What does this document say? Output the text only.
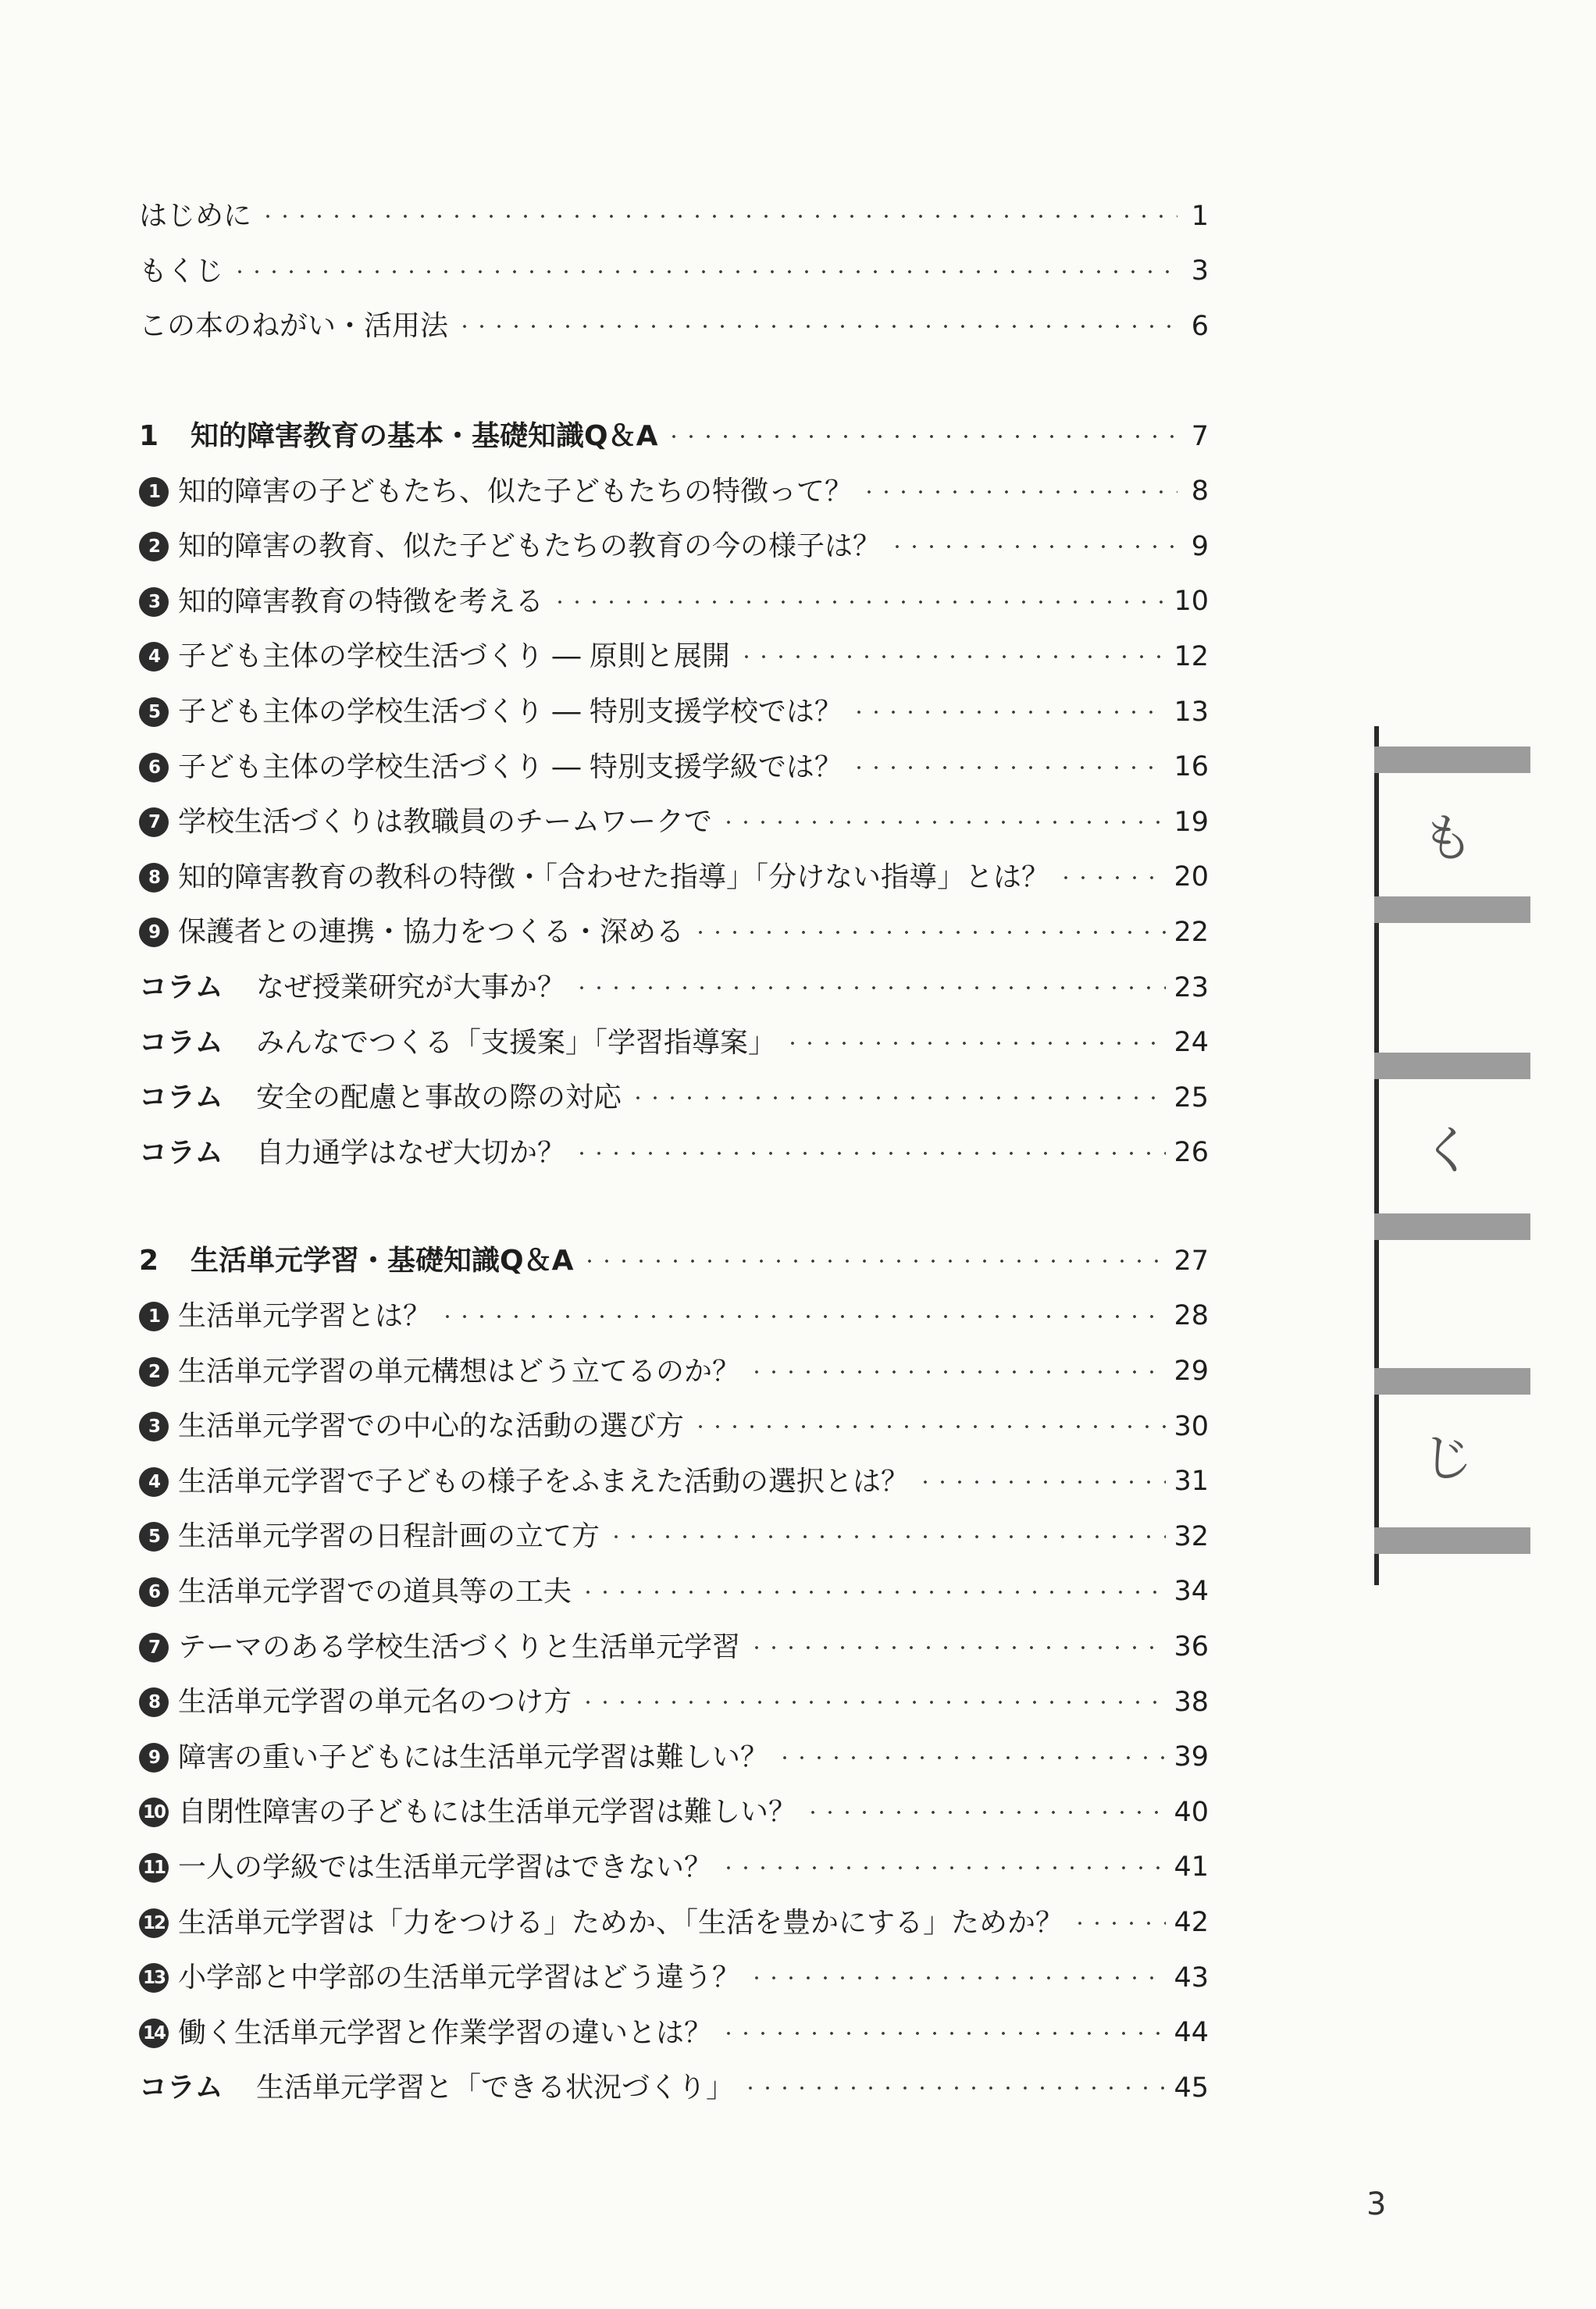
はじめに	1
もくじ	3
この本のねがい・活用法	6
1	知的障害教育の基本・基礎知識Q＆A	7
1 知的障害の子どもたち、似た子どもたちの特徴って？	8
2 知的障害の教育、似た子どもたちの教育の今の様子は？	9
3 知的障害教育の特徴を考える	10
4 子ども主体の学校生活づくり ― 原則と展開	12
5 子ども主体の学校生活づくり ― 特別支援学校では？	13
6 子ども主体の学校生活づくり ― 特別支援学級では？	16
7 学校生活づくりは教職員のチームワークで	19
8 知的障害教育の教科の特徴・「合わせた指導」「分けない指導」とは？	20
9 保護者との連携・協力をつくる・深める	22
コラム	なぜ授業研究が大事か？	23
コラム	みんなでつくる「支援案」「学習指導案」	24
コラム	安全の配慮と事故の際の対応	25
コラム	自力通学はなぜ大切か？	26
2	生活単元学習・基礎知識Q＆A	27
1 生活単元学習とは？	28
2 生活単元学習の単元構想はどう立てるのか？	29
3 生活単元学習での中心的な活動の選び方	30
4 生活単元学習で子どもの様子をふまえた活動の選択とは？	31
5 生活単元学習の日程計画の立て方	32
6 生活単元学習での道具等の工夫	34
7 テーマのある学校生活づくりと生活単元学習	36
8 生活単元学習の単元名のつけ方	38
9 障害の重い子どもには生活単元学習は難しい？	39
10 自閉性障害の子どもには生活単元学習は難しい？	40
11 一人の学級では生活単元学習はできない？	41
12 生活単元学習は「力をつける」ためか、「生活を豊かにする」ためか？	42
13 小学部と中学部の生活単元学習はどう違う？	43
14 働く生活単元学習と作業学習の違いとは？	44
コラム	生活単元学習と「できる状況づくり」	45
も
く
じ
3
